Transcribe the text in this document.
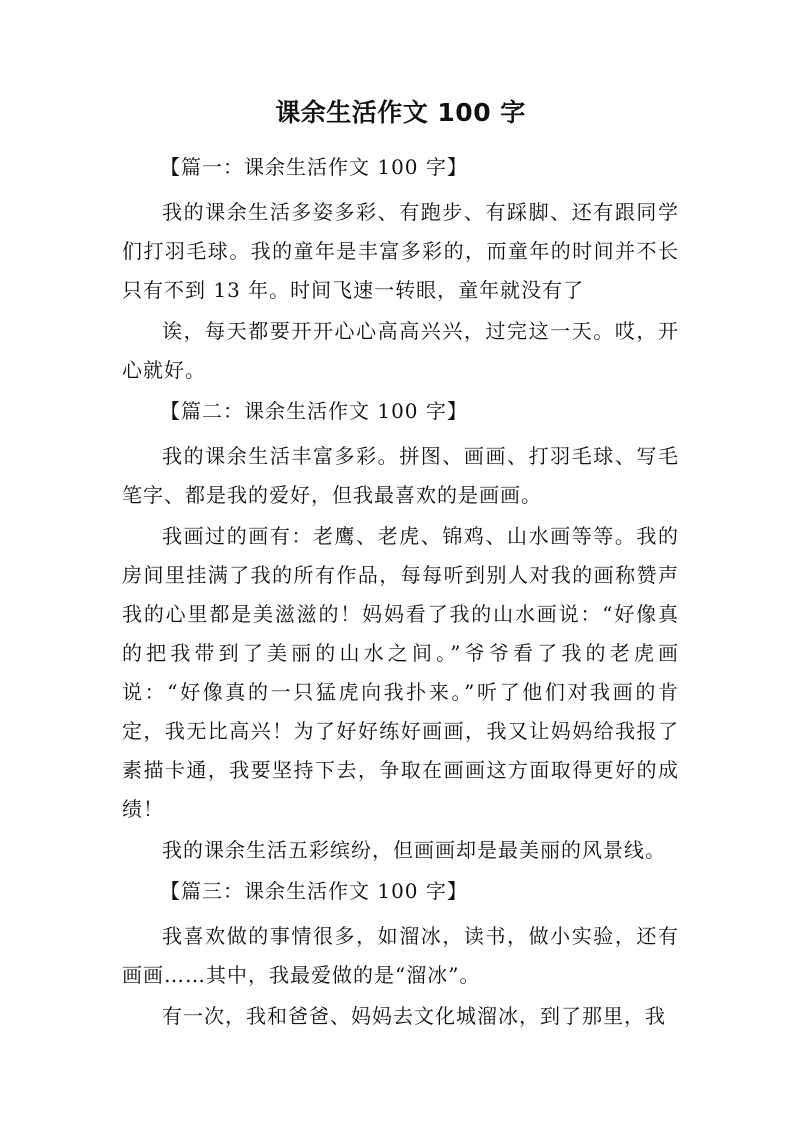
课余生活作文 100 字
【篇一：课余生活作文 100 字】

我的课余生活多姿多彩、有跑步、有踩脚、还有跟同学们打羽毛球。我的童年是丰富多彩的，而童年的时间并不长只有不到 13 年。时间飞速一转眼，童年就没有了

诶，每天都要开开心心高高兴兴，过完这一天。哎，开心就好。

【篇二：课余生活作文 100 字】

我的课余生活丰富多彩。拼图、画画、打羽毛球、写毛笔字、都是我的爱好，但我最喜欢的是画画。

我画过的画有：老鹰、老虎、锦鸡、山水画等等。我的房间里挂满了我的所有作品，每每听到别人对我的画称赞声我的心里都是美滋滋的！妈妈看了我的山水画说：“好像真的把我带到了美丽的山水之间。”爷爷看了我的老虎画说：“好像真的一只猛虎向我扑来。”听了他们对我画的肯定，我无比高兴！为了好好练好画画，我又让妈妈给我报了素描卡通，我要坚持下去，争取在画画这方面取得更好的成绩！

我的课余生活五彩缤纷，但画画却是最美丽的风景线。

【篇三：课余生活作文 100 字】

我喜欢做的事情很多，如溜冰，读书，做小实验，还有画画……其中，我最爱做的是“溜冰”。

有一次，我和爸爸、妈妈去文化城溜冰，到了那里，我
